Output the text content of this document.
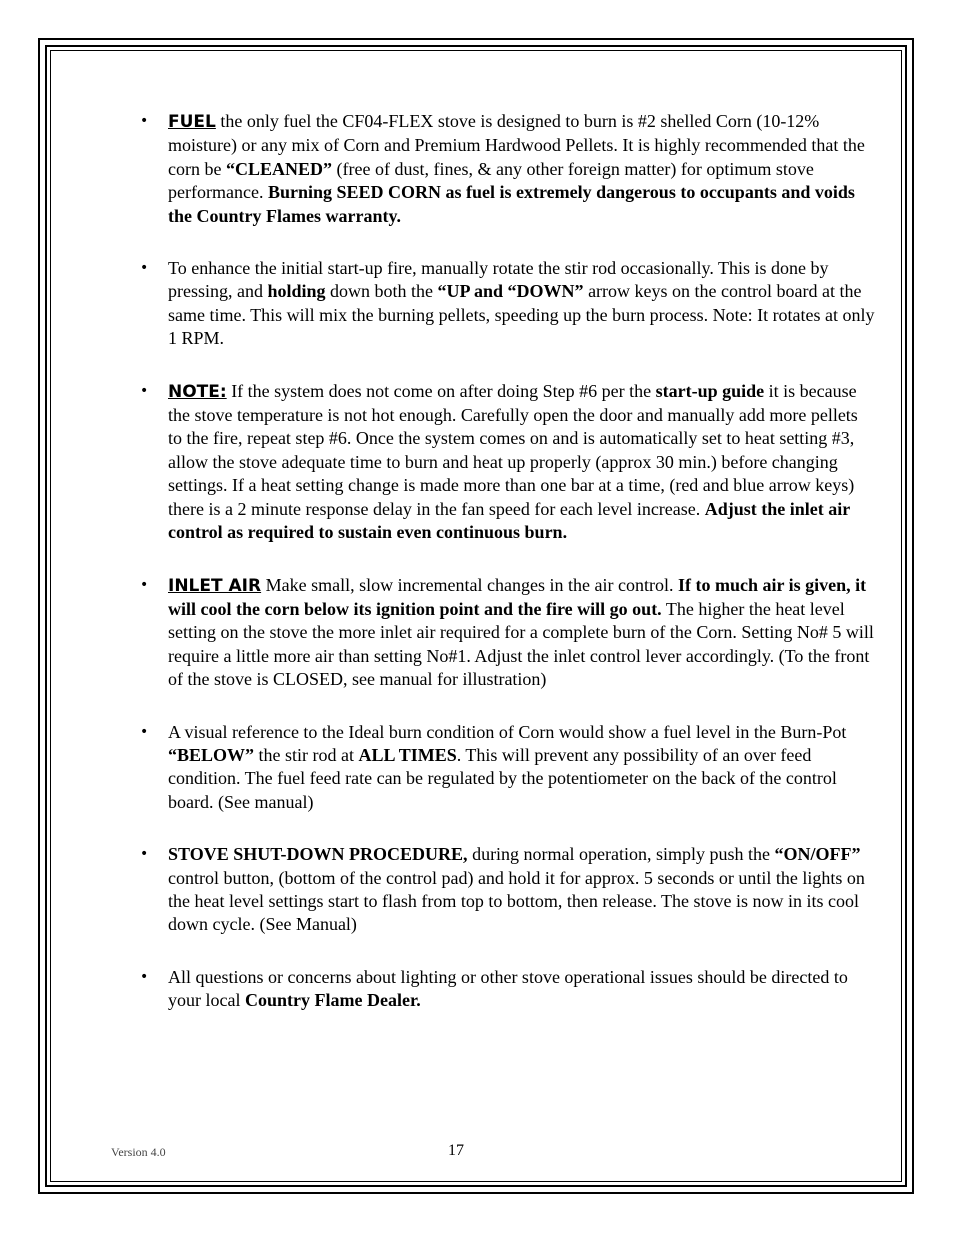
• FUEL the only fuel the CF04-FLEX stove is designed to burn is #2 shelled Corn (10-12% moisture) or any mix of Corn and Premium Hardwood Pellets. It is highly recommended that the corn be “CLEANED” (free of dust, fines, & any other foreign matter) for optimum stove performance. Burning SEED CORN as fuel is extremely dangerous to occupants and voids the Country Flames warranty.
• To enhance the initial start-up fire, manually rotate the stir rod occasionally. This is done by pressing, and holding down both the “UP and “DOWN” arrow keys on the control board at the same time. This will mix the burning pellets, speeding up the burn process. Note: It rotates at only 1 RPM.
• NOTE: If the system does not come on after doing Step #6 per the start-up guide it is because the stove temperature is not hot enough. Carefully open the door and manually add more pellets to the fire, repeat step #6. Once the system comes on and is automatically set to heat setting #3, allow the stove adequate time to burn and heat up properly (approx 30 min.) before changing settings. If a heat setting change is made more than one bar at a time, (red and blue arrow keys) there is a 2 minute response delay in the fan speed for each level increase. Adjust the inlet air control as required to sustain even continuous burn.
• INLET AIR Make small, slow incremental changes in the air control. If to much air is given, it will cool the corn below its ignition point and the fire will go out. The higher the heat level setting on the stove the more inlet air required for a complete burn of the Corn. Setting No# 5 will require a little more air than setting No#1. Adjust the inlet control lever accordingly. (To the front of the stove is CLOSED, see manual for illustration)
• A visual reference to the Ideal burn condition of Corn would show a fuel level in the Burn-Pot “BELOW” the stir rod at ALL TIMES. This will prevent any possibility of an over feed condition. The fuel feed rate can be regulated by the potentiometer on the back of the control board. (See manual)
• STOVE SHUT-DOWN PROCEDURE, during normal operation, simply push the “ON/OFF” control button, (bottom of the control pad) and hold it for approx. 5 seconds or until the lights on the heat level settings start to flash from top to bottom, then release. The stove is now in its cool down cycle. (See Manual)
• All questions or concerns about lighting or other stove operational issues should be directed to your local Country Flame Dealer.
Version 4.0	17
